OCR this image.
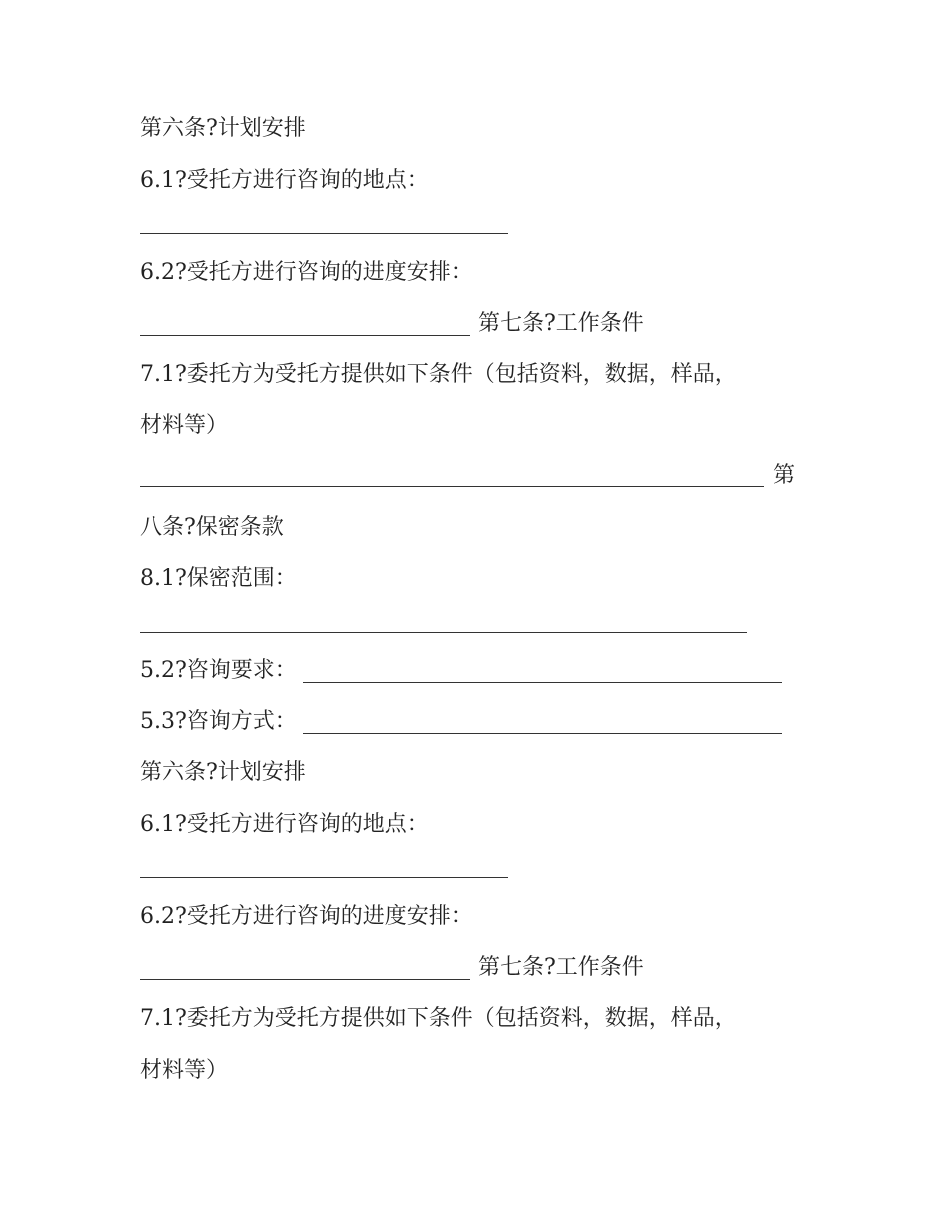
第六条?计划安排
6.1?受托方进行咨询的地点：
6.2?受托方进行咨询的进度安排：
第七条?工作条件
7.1?委托方为受托方提供如下条件（包括资料，数据，样品，
材料等）
第
八条?保密条款
8.1?保密范围：
5.2?咨询要求：
5.3?咨询方式：
第六条?计划安排
6.1?受托方进行咨询的地点：
6.2?受托方进行咨询的进度安排：
第七条?工作条件
7.1?委托方为受托方提供如下条件（包括资料，数据，样品，
材料等）
